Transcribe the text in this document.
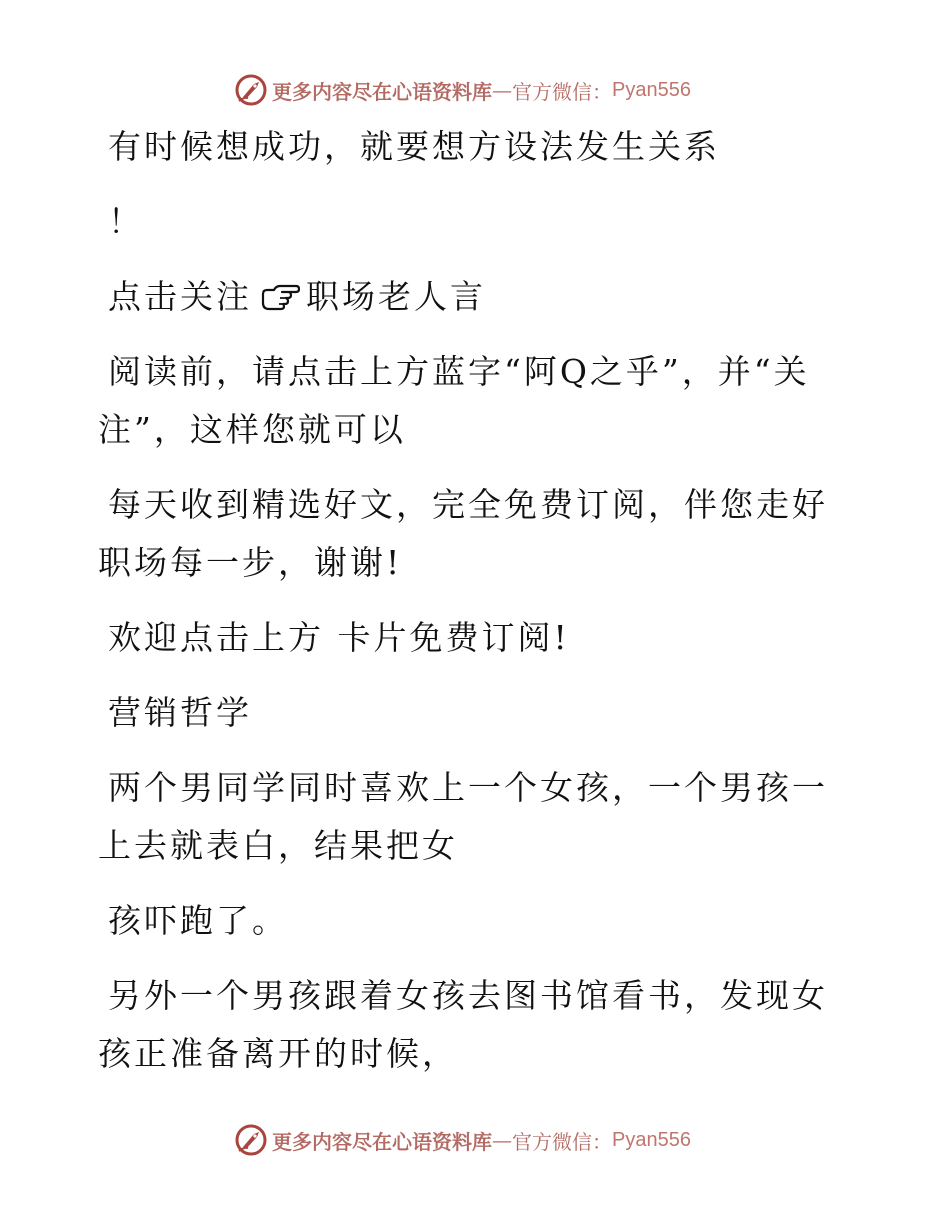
更多内容尽在心语资料库 — 官方微信： Pyan556

有时候想成功，就要想方设法发生关系

！

点击关注 职场老人言

阅读前，请点击上方蓝字“阿Q之乎”，并“关注”，这样您就可以

每天收到精选好文，完全免费订阅，伴您走好职场每一步，谢谢!

欢迎点击上方 卡片免费订阅!

营销哲学

两个男同学同时喜欢上一个女孩，一个男孩一上去就表白，结果把女

孩吓跑了。

另外一个男孩跟着女孩去图书馆看书，发现女孩正准备离开的时候，

更多内容尽在心语资料库 — 官方微信： Pyan556
